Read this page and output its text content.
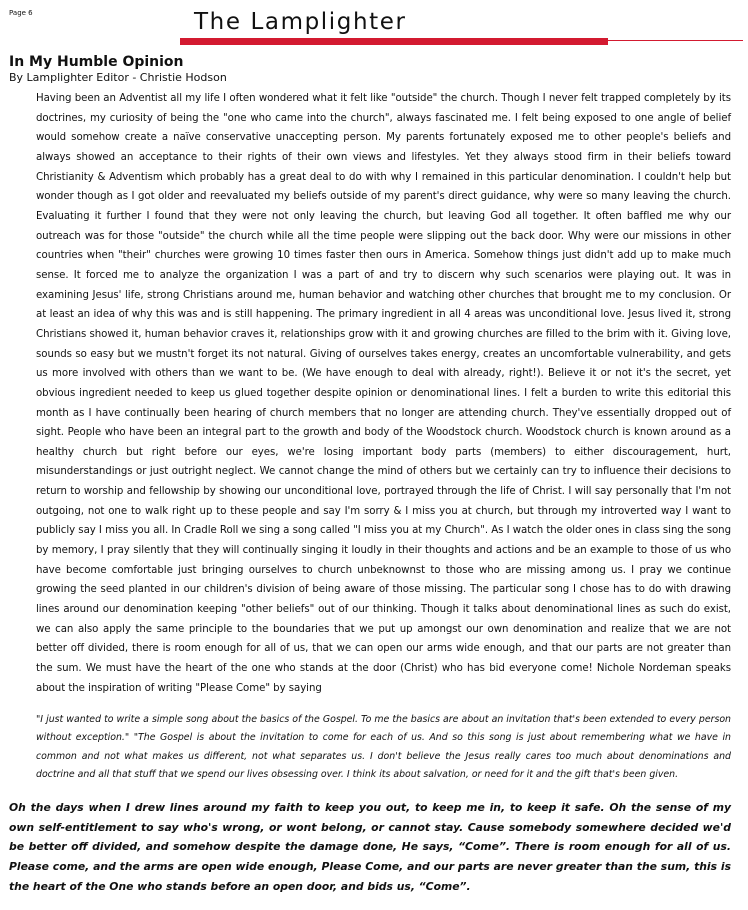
Page 6	The Lamplighter
In My Humble Opinion
By Lamplighter Editor - Christie Hodson
Having been an Adventist all my life I often wondered what it felt like "outside" the church. Though I never felt trapped completely by its doctrines, my curiosity of being the "one who came into the church", always fascinated me. I felt being exposed to one angle of belief would somehow create a naïve conservative unaccepting person. My parents fortunately exposed me to other people's beliefs and always showed an acceptance to their rights of their own views and lifestyles. Yet they always stood firm in their beliefs toward Christianity & Adventism which probably has a great deal to do with why I remained in this particular denomination. I couldn't help but wonder though as I got older and reevaluated my beliefs outside of my parent's direct guidance, why were so many leaving the church. Evaluating it further I found that they were not only leaving the church, but leaving God all together. It often baffled me why our outreach was for those "outside" the church while all the time people were slipping out the back door. Why were our missions in other countries when "their" churches were growing 10 times faster then ours in America. Somehow things just didn't add up to make much sense. It forced me to analyze the organization I was a part of and try to discern why such scenarios were playing out. It was in examining Jesus' life, strong Christians around me, human behavior and watching other churches that brought me to my conclusion. Or at least an idea of why this was and is still happening. The primary ingredient in all 4 areas was unconditional love. Jesus lived it, strong Christians showed it, human behavior craves it, relationships grow with it and growing churches are filled to the brim with it. Giving love, sounds so easy but we mustn't forget its not natural. Giving of ourselves takes energy, creates an uncomfortable vulnerability, and gets us more involved with others than we want to be. (We have enough to deal with already, right!). Believe it or not it's the secret, yet obvious ingredient needed to keep us glued together despite opinion or denominational lines. I felt a burden to write this editorial this month as I have continually been hearing of church members that no longer are attending church. They've essentially dropped out of sight. People who have been an integral part to the growth and body of the Woodstock church. Woodstock church is known around as a healthy church but right before our eyes, we're losing important body parts (members) to either discouragement, hurt, misunderstandings or just outright neglect. We cannot change the mind of others but we certainly can try to influence their decisions to return to worship and fellowship by showing our unconditional love, portrayed through the life of Christ. I will say personally that I'm not outgoing, not one to walk right up to these people and say I'm sorry & I miss you at church, but through my introverted way I want to publicly say I miss you all. In Cradle Roll we sing a song called "I miss you at my Church". As I watch the older ones in class sing the song by memory, I pray silently that they will continually singing it loudly in their thoughts and actions and be an example to those of us who have become comfortable just bringing ourselves to church unbeknownst to those who are missing among us. I pray we continue growing the seed planted in our children's division of being aware of those missing. The particular song I chose has to do with drawing lines around our denomination keeping "other beliefs" out of our thinking. Though it talks about denominational lines as such do exist, we can also apply the same principle to the boundaries that we put up amongst our own denomination and realize that we are not better off divided, there is room enough for all of us, that we can open our arms wide enough, and that our parts are not greater than the sum. We must have the heart of the one who stands at the door (Christ) who has bid everyone come! Nichole Nordeman speaks about the inspiration of writing "Please Come" by saying
"I just wanted to write a simple song about the basics of the Gospel. To me the basics are about an invitation that's been extended to every person without exception." "The Gospel is about the invitation to come for each of us. And so this song is just about remembering what we have in common and not what makes us different, not what separates us. I don't believe the Jesus really cares too much about denominations and doctrine and all that stuff that we spend our lives obsessing over. I think its about salvation, or need for it and the gift that's been given.
Oh the days when I drew lines around my faith to keep you out, to keep me in, to keep it safe. Oh the sense of my own self-entitlement to say who's wrong, or wont belong, or cannot stay. Cause somebody somewhere decided we'd be better off divided, and somehow despite the damage done, He says, “Come”. There is room enough for all of us. Please come, and the arms are open wide enough, Please Come, and our parts are never greater than the sum, this is the heart of the One who stands before an open door, and bids us, “Come”.
